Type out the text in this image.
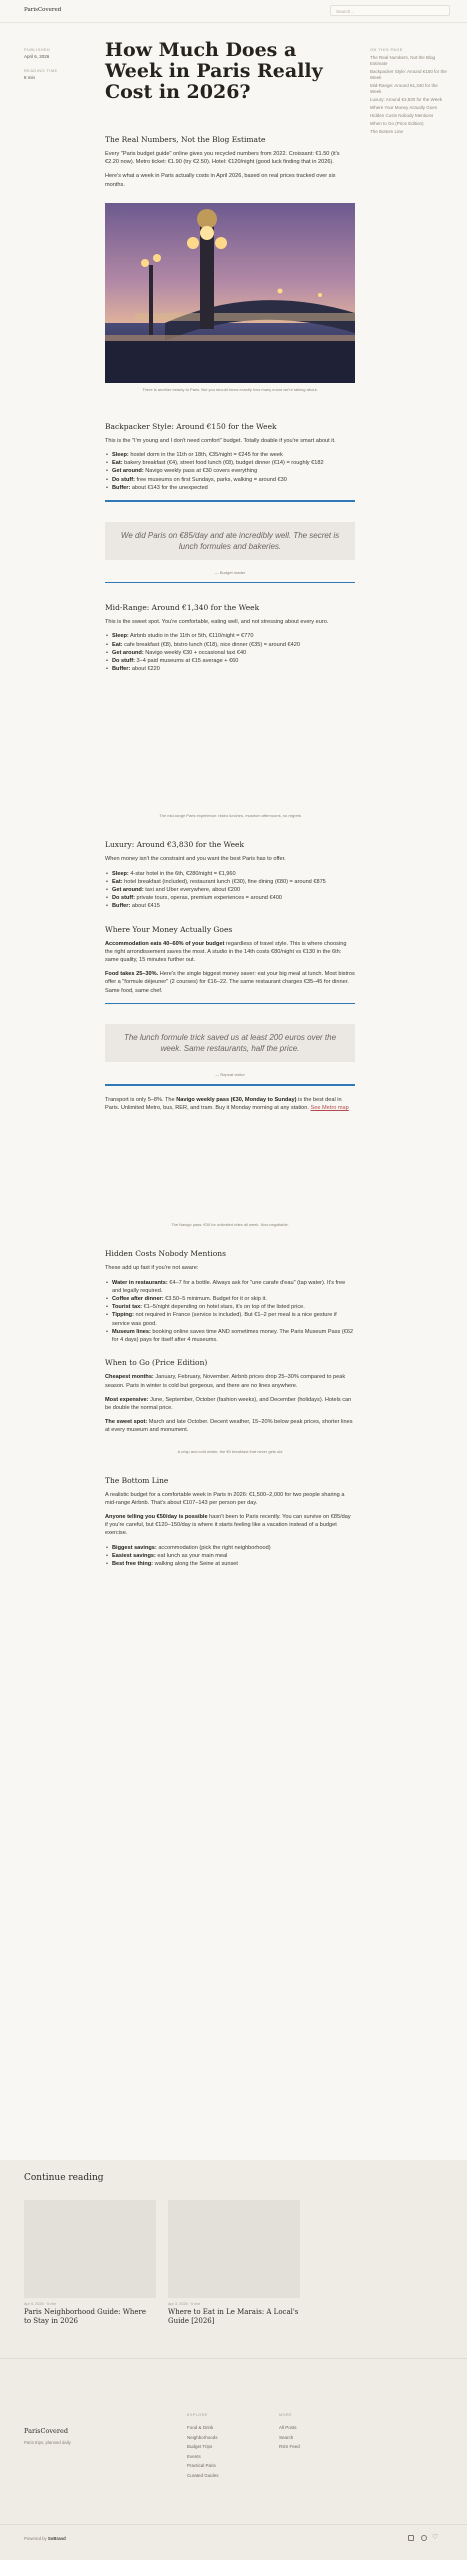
ParisCovered	Search...
PUBLISHED
April 6, 2026
READING TIME
8 min
ON THIS PAGE
The Real Numbers, Not the Blog Estimate
Backpacker Style: Around €150 for the Week
Mid-Range: Around €1,340 for the Week
Luxury: Around €3,830 for the Week
Where Your Money Actually Goes
Hidden Costs Nobody Mentions
When to Go (Price Edition)
The Bottom Line
How Much Does a Week in Paris Really Cost in 2026?
The Real Numbers, Not the Blog Estimate

Every "Paris budget guide" online gives you recycled numbers from 2022. Croissant: €1.50 (it's €2.20 now). Metro ticket: €1.90 (try €2.50). Hotel: €120/night (good luck finding that in 2026).

Here's what a week in Paris actually costs in April 2026, based on real prices tracked over six months.

There is another beauty to Paris. But you should know exactly how many euros we're talking about.
Backpacker Style: Around €150 for the Week

This is the "I'm young and I don't need comfort" budget. Totally doable if you're smart about it.

• Sleep: hostel dorm in the 11th or 18th, €35/night = €245 for the week
• Eat: bakery breakfast (€4), street food lunch (€8), budget dinner (€14) = roughly €182
• Get around: Navigo weekly pass at €30 covers everything
• Do stuff: free museums on first Sundays, parks, walking = around €30
• Buffer: about €143 for the unexpected
We did Paris on €85/day and ate incredibly well. The secret is lunch formules and bakeries.
— Budget reader
Mid-Range: Around €1,340 for the Week

This is the sweet spot. You're comfortable, eating well, and not stressing about every euro.

• Sleep: Airbnb studio in the 11th or 5th, €110/night = €770
• Eat: cafe breakfast (€8), bistro lunch (€18), nice dinner (€35) = around €420
• Get around: Navigo weekly €30 + occasional taxi €40
• Do stuff: 3–4 paid museums at €15 average + €60
• Buffer: about €220
The mid-range Paris experience: bistro lunches, museum afternoons, no regrets
Luxury: Around €3,830 for the Week

When money isn't the constraint and you want the best Paris has to offer.

• Sleep: 4-star hotel in the 6th, €280/night = €1,960
• Eat: hotel breakfast (included), restaurant lunch (€30), fine dining (€80) = around €875
• Get around: taxi and Uber everywhere, about €200
• Do stuff: private tours, operas, premium experiences = around €400
• Buffer: about €415
Where Your Money Actually Goes

Accommodation eats 40–60% of your budget regardless of travel style. This is where choosing the right arrondissement saves the most. A studio in the 14th costs €80/night vs €130 in the 6th: same quality, 15 minutes further out.

Food takes 25–30%. Here's the single biggest money saver: eat your big meal at lunch. Most bistros offer a "formule déjeuner" (2 courses) for €16–22. The same restaurant charges €35–45 for dinner. Same food, same chef.

The lunch formule trick saved us at least 200 euros over the week. Same restaurants, half the price.
— Repeat visitor

Transport is only 5–8%. The Navigo weekly pass (€30, Monday to Sunday) is the best deal in Paris. Unlimited Metro, bus, RER, and tram. Buy it Monday morning at any station. See Metro map

The Navigo pass: €30 for unlimited rides all week. Non-negotiable.
Hidden Costs Nobody Mentions

These add up fast if you're not aware:

• Water in restaurants: €4–7 for a bottle. Always ask for "une carafe d'eau" (tap water). It's free and legally required.
• Coffee after dinner: €3.50–5 minimum. Budget for it or skip it.
• Tourist tax: €1–5/night depending on hotel stars, it's on top of the listed price.
• Tipping: not required in France (service is included). But €1–2 per meal is a nice gesture if service was good.
• Museum lines: booking online saves time AND sometimes money. The Paris Museum Pass (€62 for 4 days) pays for itself after 4 museums.
When to Go (Price Edition)

Cheapest months: January, February, November. Airbnb prices drop 25–30% compared to peak season. Paris in winter is cold but gorgeous, and there are no lines anywhere.

Most expensive: June, September, October (fashion weeks), and December (holidays). Hotels can be double the normal price.

The sweet spot: March and late October. Decent weather, 15–20% below peak prices, shorter lines at every museum and monument.

A crisp and cold winter, the €9 breakfast that never gets old
The Bottom Line

A realistic budget for a comfortable week in Paris in 2026: €1,500–2,000 for two people sharing a mid-range Airbnb. That's about €107–143 per person per day.

Anyone telling you €50/day is possible hasn't been to Paris recently. You can survive on €85/day if you're careful, but €120–150/day is where it starts feeling like a vacation instead of a budget exercise.

• Biggest savings: accommodation (pick the right neighborhood)
• Easiest savings: eat lunch as your main meal
• Best free thing: walking along the Seine at sunset
Continue reading
Apr 5, 2026 · 5 min
Paris Neighborhood Guide: Where to Stay in 2026
Apr 3, 2026 · 6 min
Where to Eat in Le Marais: A Local's Guide [2026]
ParisCovered
Paris trips, planned daily
EXPLORE
Food & Drink
Neighborhoods
Budget Trips
Events
Practical Paris
Curated Guides
MORE
All Posts
Search
RSS Feed
Powered by SoBrand	♡
